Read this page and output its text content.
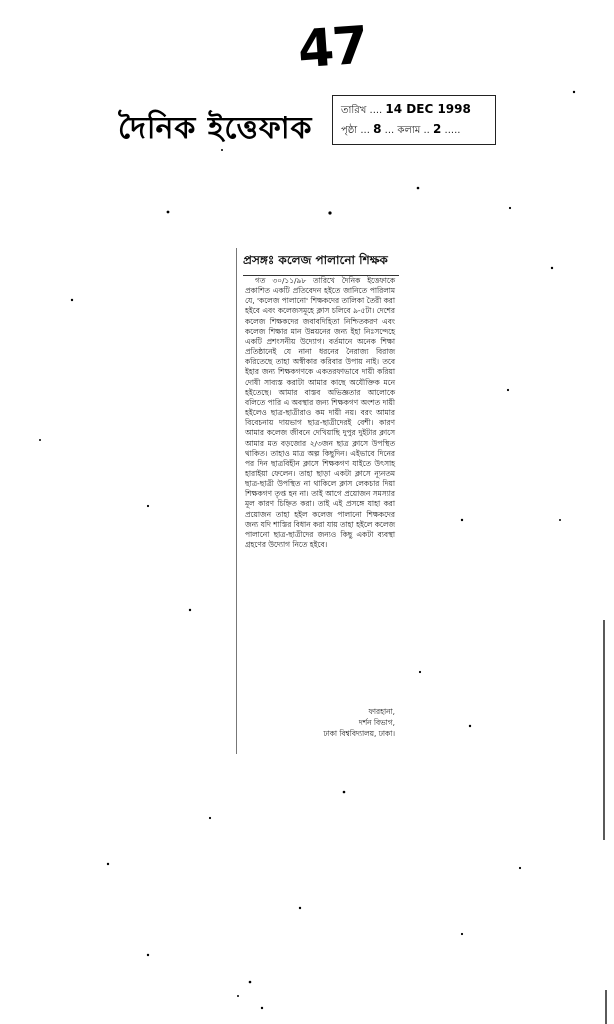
47
দৈনিক ইত্তেফাক
তারিখ .... 14 DEC 1998
পৃষ্ঠা ... 8 ... কলাম .. 2 .....
প্রসঙ্গঃ কলেজ পালানো শিক্ষক

গত ৩০/১১/৯৮ তারিখে দৈনিক ইত্তেফাকে প্রকাশিত একটি প্রতিবেদন হইতে জানিতে পারিলাম যে, 'কলেজ পালানো' শিক্ষকদের তালিকা তৈরী করা হইবে এবং কলেজসমূহে ক্লাস চলিবে ৯-৫টা। দেশের কলেজ শিক্ষকদের জবাবদিহিতা নিশ্চিতকরণ এবং কলেজ শিক্ষার মান উন্নয়নের জন্য ইহা নিঃসন্দেহে একটি প্রশংসনীয় উদ্যোগ। বর্তমানে অনেক শিক্ষা প্রতিষ্ঠানেই যে নানা ধরনের নৈরাজ্য বিরাজ করিতেছে তাহা অস্বীকার করিবার উপায় নাই। তবে ইহার জন্য শিক্ষকগণকে একতরফাভাবে দায়ী করিয়া দোষী সাব্যস্ত করাটা আমার কাছে অযৌক্তিক মনে হইতেছে। আমার বাস্তব অভিজ্ঞতার আলোকে বলিতে পারি এ অবস্থার জন্য শিক্ষকগণ অংশত দায়ী হইলেও ছাত্র-ছাত্রীরাও কম দায়ী নয়। বরং আমার বিবেচনায় দায়ভাগ ছাত্র-ছাত্রীদেরই বেশী। কারণ আমার কলেজ জীবনে দেখিয়াছি দুপুর দুইটার ক্লাসে আমার মত বড়জোর ২/৩জন ছাত্র ক্লাসে উপস্থিত থাকিত। তাহাও মাত্র অল্প কিছুদিন। এইভাবে দিনের পর দিন ছাত্রবিহীন ক্লাসে শিক্ষকগণ যাইতে উৎসাহ হারাইয়া ফেলেন। তাহা ছাড়া একটা ক্লাসে ন্যূনতম ছাত্র-ছাত্রী উপস্থিত না থাকিলে ক্লাস লেকচার দিয়া শিক্ষকগণ তৃপ্ত হন না। তাই আগে প্রয়োজন সমস্যার মূল কারণ চিহ্নিত করা। তাই এই প্রসঙ্গে যাহা করা প্রয়োজন তাহা হইল কলেজ পালানো শিক্ষকদের জন্য যদি শাস্তির বিধান করা যায় তাহা হইলে কলেজ পালানো ছাত্র-ছাত্রীদের জন্যও কিছু একটা ব্যবস্থা গ্রহণের উদ্যোগ নিতে হইবে।

ফারহানা,
দর্শন বিভাগ,
ঢাকা বিশ্ববিদ্যালয়, ঢাকা।
